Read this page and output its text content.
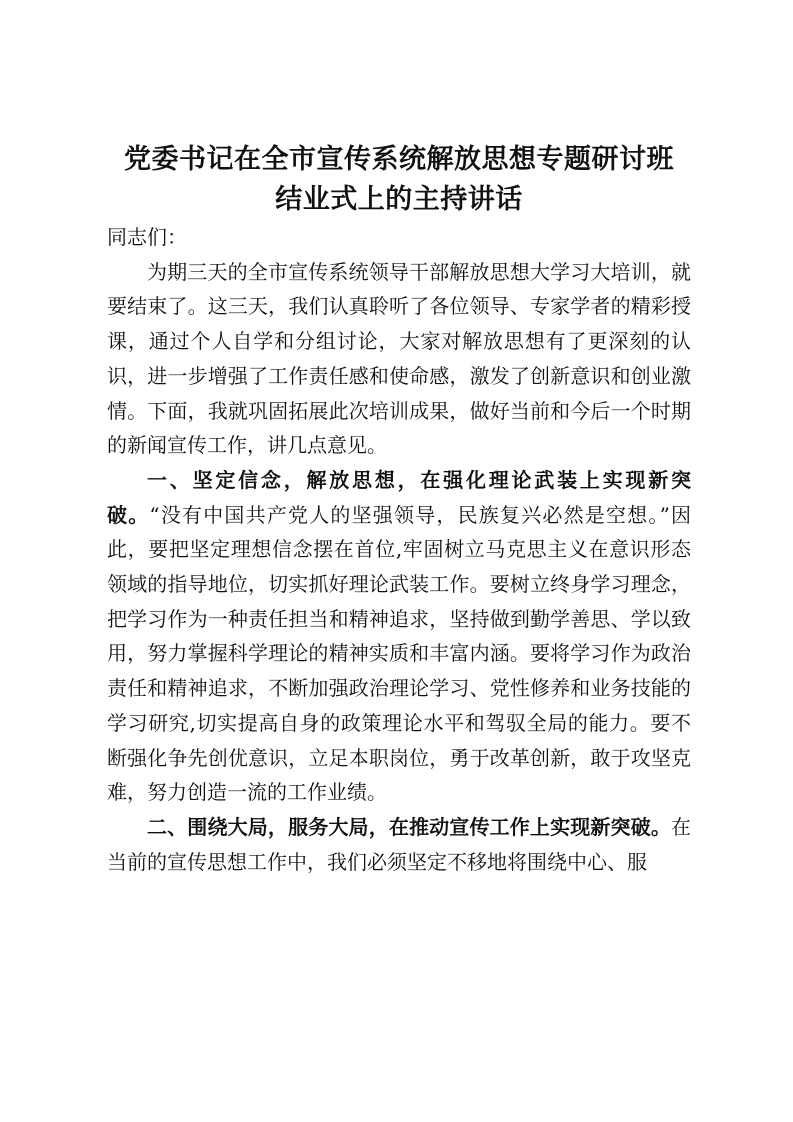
党委书记在全市宣传系统解放思想专题研讨班
结业式上的主持讲话

同志们：

为期三天的全市宣传系统领导干部解放思想大学习大培训，就要结束了。这三天，我们认真聆听了各位领导、专家学者的精彩授课，通过个人自学和分组讨论，大家对解放思想有了更深刻的认识，进一步增强了工作责任感和使命感，激发了创新意识和创业激情。下面，我就巩固拓展此次培训成果，做好当前和今后一个时期的新闻宣传工作，讲几点意见。

一、坚定信念，解放思想，在强化理论武装上实现新突破。“没有中国共产党人的坚强领导，民族复兴必然是空想。”因此，要把坚定理想信念摆在首位,牢固树立马克思主义在意识形态领域的指导地位，切实抓好理论武装工作。要树立终身学习理念，把学习作为一种责任担当和精神追求，坚持做到勤学善思、学以致用，努力掌握科学理论的精神实质和丰富内涵。要将学习作为政治责任和精神追求，不断加强政治理论学习、党性修养和业务技能的学习研究,切实提高自身的政策理论水平和驾驭全局的能力。要不断强化争先创优意识，立足本职岗位，勇于改革创新，敢于攻坚克难，努力创造一流的工作业绩。

二、围绕大局，服务大局，在推动宣传工作上实现新突破。在当前的宣传思想工作中，我们必须坚定不移地将围绕中心、服
